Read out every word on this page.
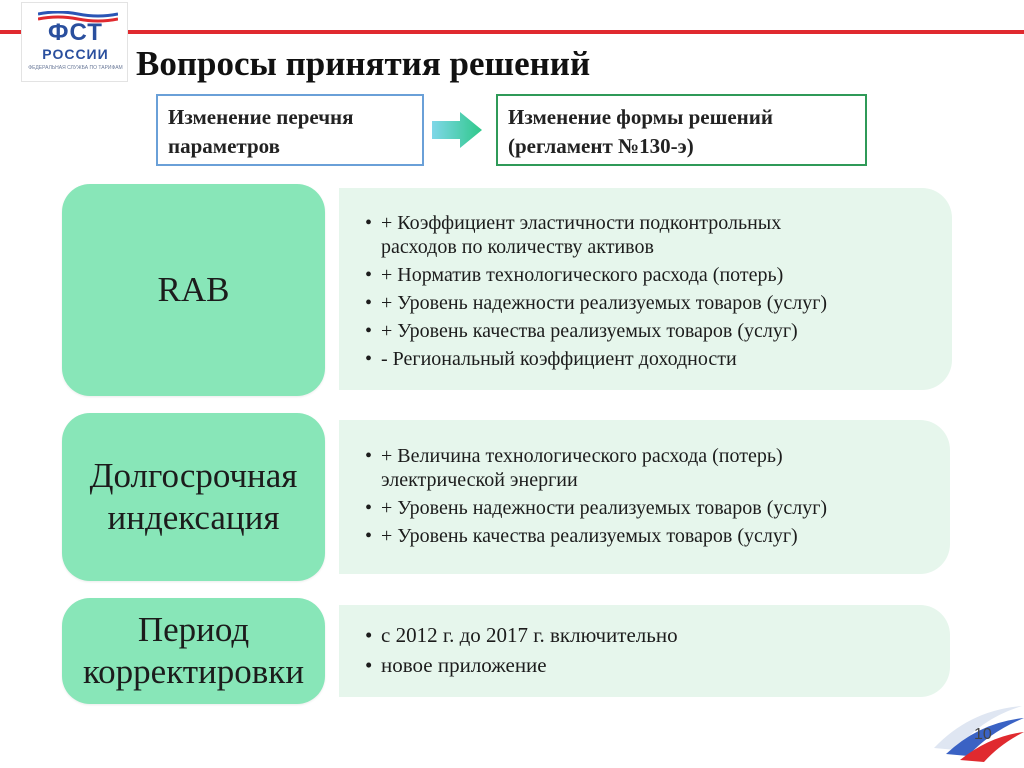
ФСТ
РОССИИ
ФЕДЕРАЛЬНАЯ СЛУЖБА ПО ТАРИФАМ Вопросы принятия решений
Изменение перечня
параметров
Изменение формы решений
(регламент №130-э)
RAB
• + Коэффициент эластичности подконтрольных
расходов по количеству активов
• + Норматив технологического расхода (потерь)
• + Уровень надежности реализуемых товаров (услуг)
• + Уровень качества реализуемых товаров (услуг)
• - Региональный коэффициент доходности
Долгосрочная
индексация
• + Величина технологического расхода (потерь)
электрической энергии
• + Уровень надежности реализуемых товаров (услуг)
• + Уровень качества реализуемых товаров (услуг)
Период
корректировки
• с 2012 г. до 2017 г. включительно
• новое приложение
10
